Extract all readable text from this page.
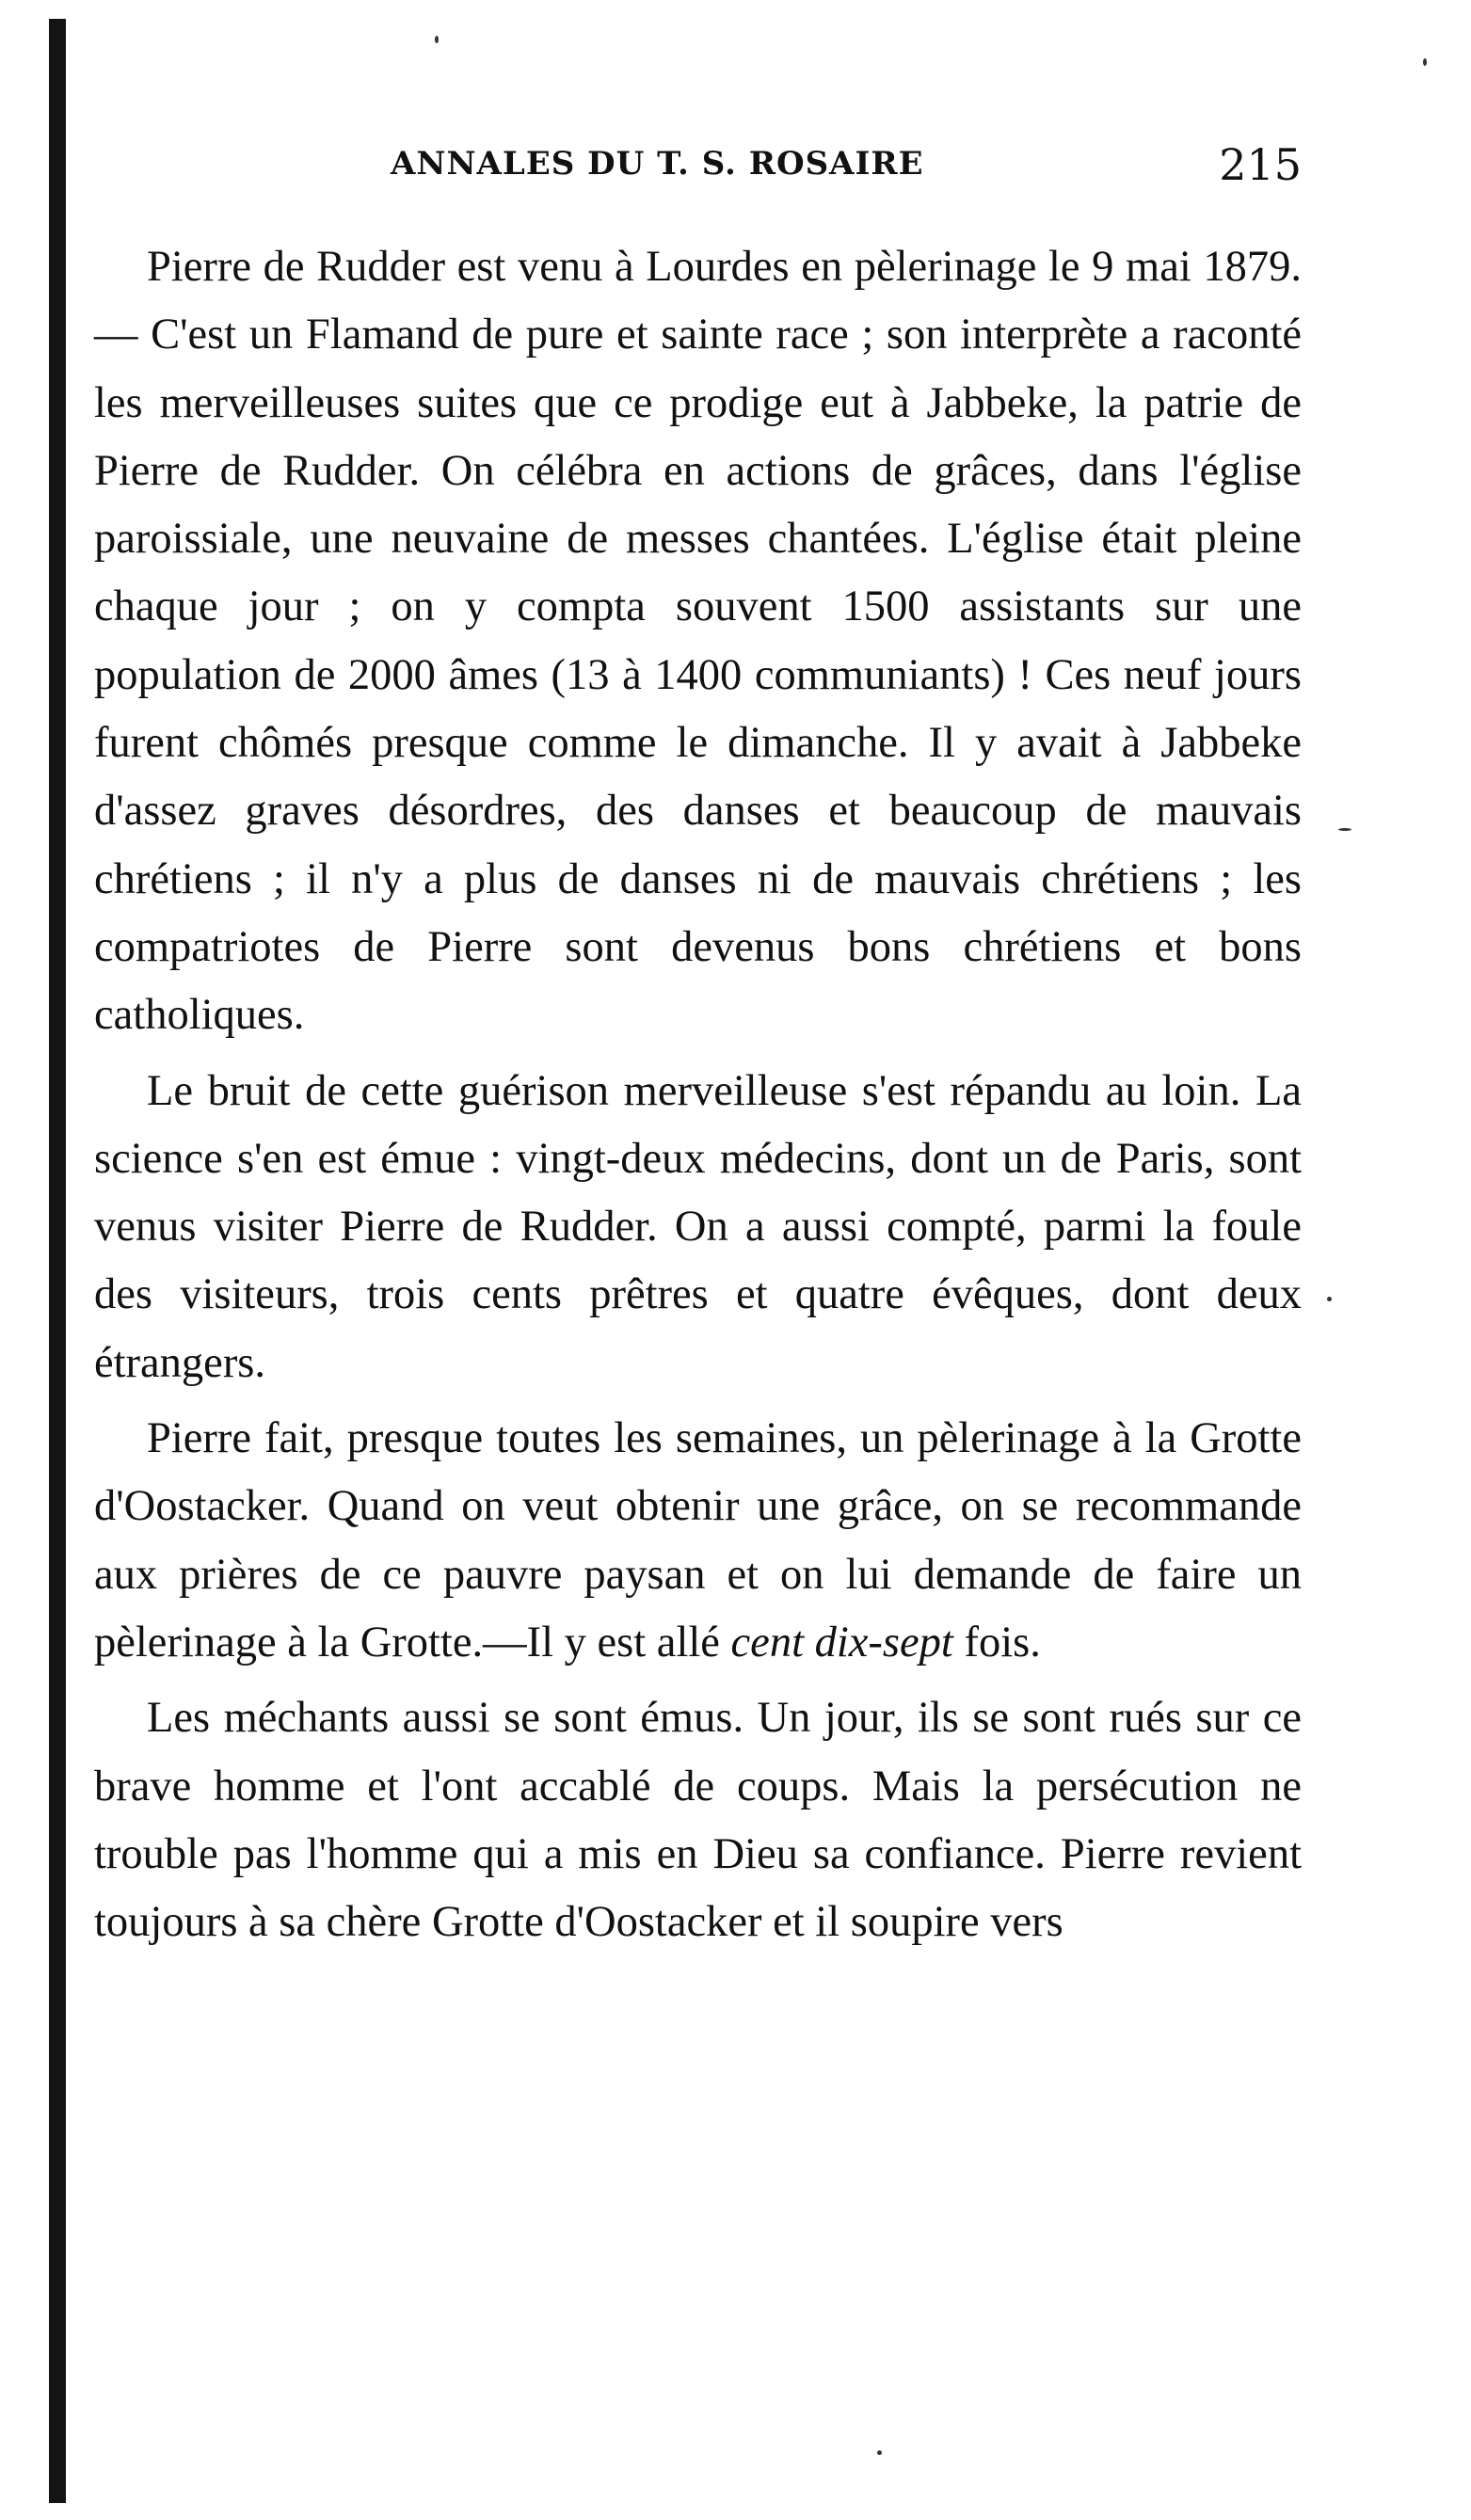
ANNALES DU T. S. ROSAIRE	215

Pierre de Rudder est venu à Lourdes en pèlerinage le 9 mai 1879. — C'est un Flamand de pure et sainte race ; son interprète a raconté les merveilleuses suites que ce prodige eut à Jabbeke, la patrie de Pierre de Rudder. On célébra en actions de grâces, dans l'église paroissiale, une neuvaine de messes chantées. L'église était pleine chaque jour ; on y compta souvent 1500 assistants sur une population de 2000 âmes (13 à 1400 communiants) ! Ces neuf jours furent chômés presque comme le dimanche. Il y avait à Jabbeke d'assez graves désordres, des danses et beaucoup de mauvais chrétiens ; il n'y a plus de danses ni de mauvais chrétiens ; les compatriotes de Pierre sont devenus bons chrétiens et bons catholiques.

Le bruit de cette guérison merveilleuse s'est répandu au loin. La science s'en est émue : vingt-deux médecins, dont un de Paris, sont venus visiter Pierre de Rudder. On a aussi compté, parmi la foule des visiteurs, trois cents prêtres et quatre évêques, dont deux étrangers.

Pierre fait, presque toutes les semaines, un pèlerinage à la Grotte d'Oostacker. Quand on veut obtenir une grâce, on se recommande aux prières de ce pauvre paysan et on lui demande de faire un pèlerinage à la Grotte.—Il y est allé cent dix-sept fois.

Les méchants aussi se sont émus. Un jour, ils se sont rués sur ce brave homme et l'ont accablé de coups. Mais la persécution ne trouble pas l'homme qui a mis en Dieu sa confiance. Pierre revient toujours à sa chère Grotte d'Oostacker et il soupire vers
